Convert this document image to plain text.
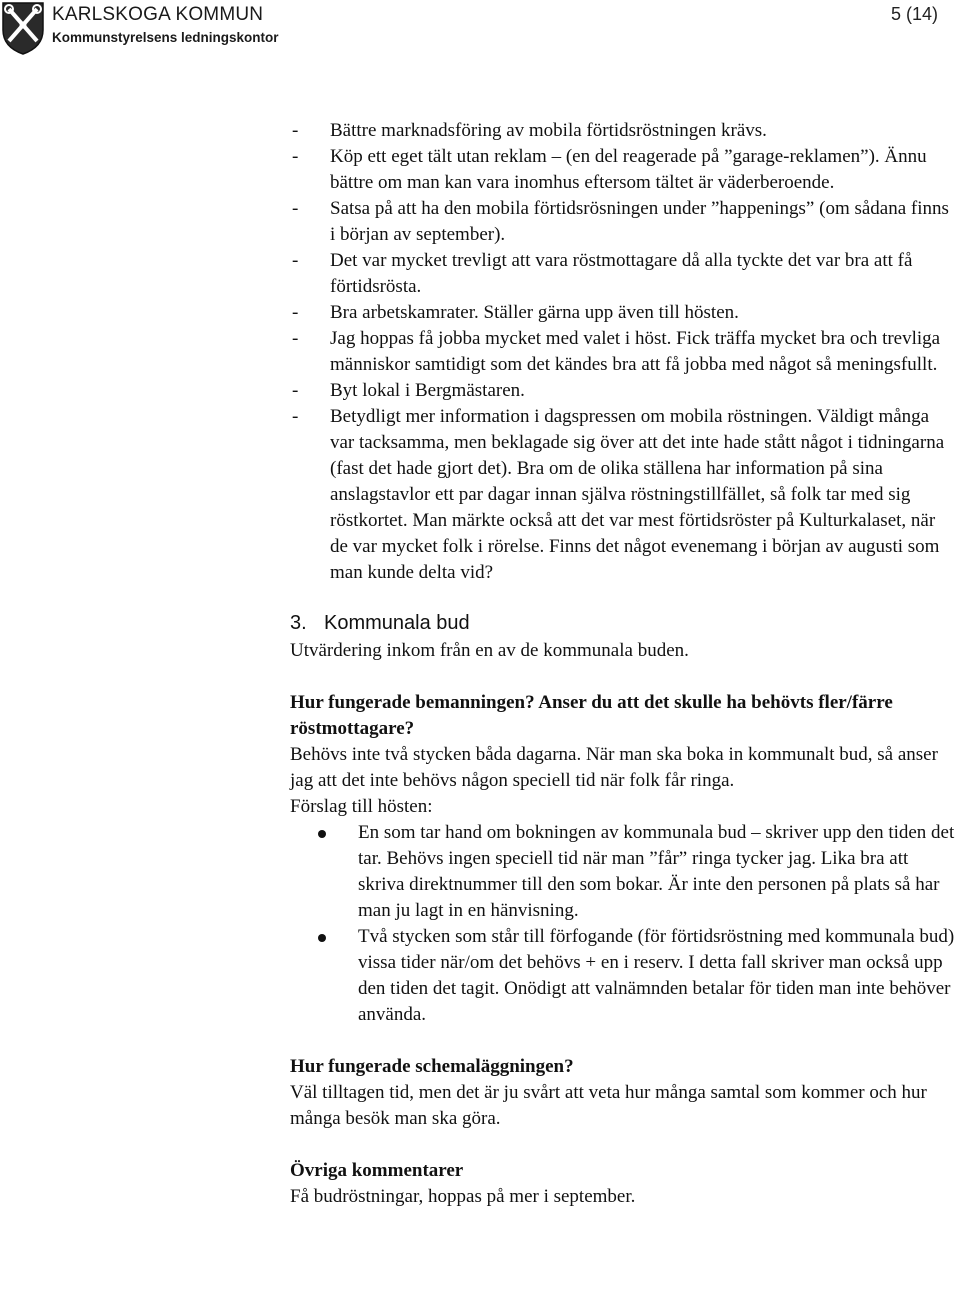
KARLSKOGA KOMMUN
Kommunstyrelsens ledningskontor
5 (14)
- Bättre marknadsföring av mobila förtidsröstningen krävs.
- Köp ett eget tält utan reklam – (en del reagerade på ”garage-reklamen”). Ännu bättre om man kan vara inomhus eftersom tältet är väderberoende.
- Satsa på att ha den mobila förtidsrösningen under ”happenings” (om sådana finns i början av september).
- Det var mycket trevligt att vara röstmottagare då alla tyckte det var bra att få förtidsrösta.
- Bra arbetskamrater. Ställer gärna upp även till hösten.
- Jag hoppas få jobba mycket med valet i höst. Fick träffa mycket bra och trevliga människor samtidigt som det kändes bra att få jobba med något så meningsfullt.
- Byt lokal i Bergmästaren.
- Betydligt mer information i dagspressen om mobila röstningen. Väldigt många var tacksamma, men beklagade sig över att det inte hade stått något i tidningarna (fast det hade gjort det). Bra om de olika ställena har information på sina anslagstavlor ett par dagar innan själva röstningstillfället, så folk tar med sig röstkortet. Man märkte också att det var mest förtidsröster på Kulturkalaset, när de var mycket folk i rörelse. Finns det något evenemang i början av augusti som man kunde delta vid?
3. Kommunala bud

Utvärdering inkom från en av de kommunala buden.

Hur fungerade bemanningen? Anser du att det skulle ha behövts fler/färre röstmottagare?

Behövs inte två stycken båda dagarna. När man ska boka in kommunalt bud, så anser jag att det inte behövs någon speciell tid när folk får ringa.

Förslag till hösten:

En som tar hand om bokningen av kommunala bud – skriver upp den tiden det tar. Behövs ingen speciell tid när man ”får” ringa tycker jag. Lika bra att skriva direktnummer till den som bokar. Är inte den personen på plats så har man ju lagt in en hänvisning.
Två stycken som står till förfogande (för förtidsröstning med kommunala bud) vissa tider när/om det behövs + en i reserv. I detta fall skriver man också upp den tiden det tagit. Onödigt att valnämnden betalar för tiden man inte behöver använda.

Hur fungerade schemaläggningen?

Väl tilltagen tid, men det är ju svårt att veta hur många samtal som kommer och hur många besök man ska göra.

Övriga kommentarer

Få budröstningar, hoppas på mer i september.
